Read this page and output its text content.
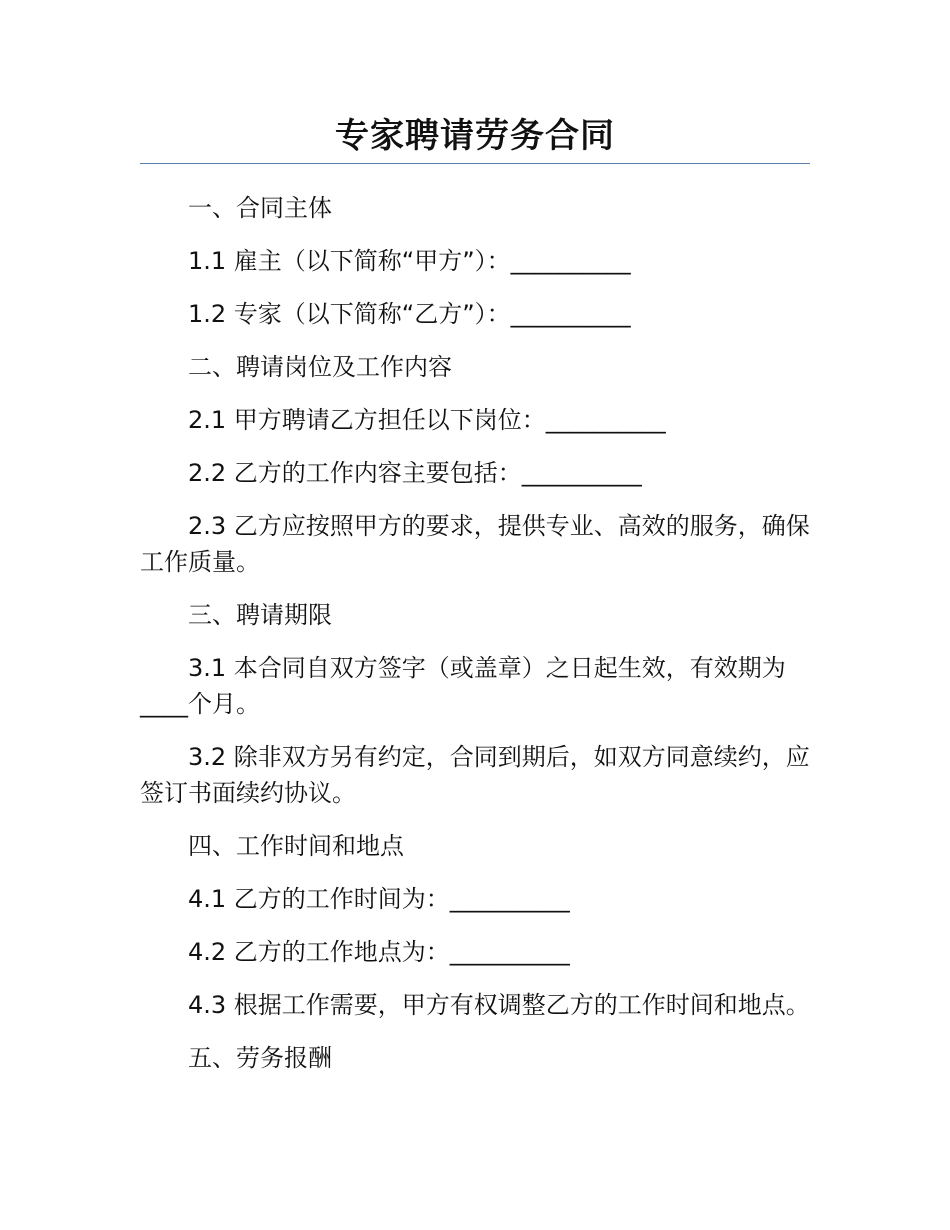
专家聘请劳务合同

一、合同主体

1.1 雇主（以下简称“甲方”）：__________

1.2 专家（以下简称“乙方”）：__________

二、聘请岗位及工作内容

2.1 甲方聘请乙方担任以下岗位：__________

2.2 乙方的工作内容主要包括：__________

2.3 乙方应按照甲方的要求，提供专业、高效的服务，确保工作质量。

三、聘请期限

3.1 本合同自双方签字（或盖章）之日起生效，有效期为____个月。

3.2 除非双方另有约定，合同到期后，如双方同意续约，应签订书面续约协议。

四、工作时间和地点

4.1 乙方的工作时间为：__________

4.2 乙方的工作地点为：__________

4.3 根据工作需要，甲方有权调整乙方的工作时间和地点。

五、劳务报酬
